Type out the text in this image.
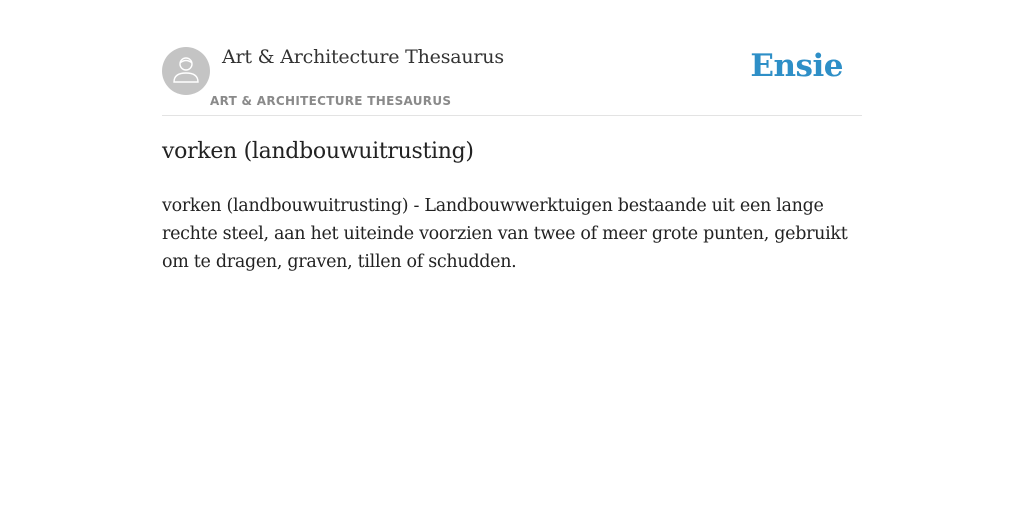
Art & Architecture Thesaurus
ART & ARCHITECTURE THESAURUS
Ensie
vorken (landbouwuitrusting)

vorken (landbouwuitrusting) - Landbouwwerktuigen bestaande uit een lange rechte steel, aan het uiteinde voorzien van twee of meer grote punten, gebruikt om te dragen, graven, tillen of schudden.
